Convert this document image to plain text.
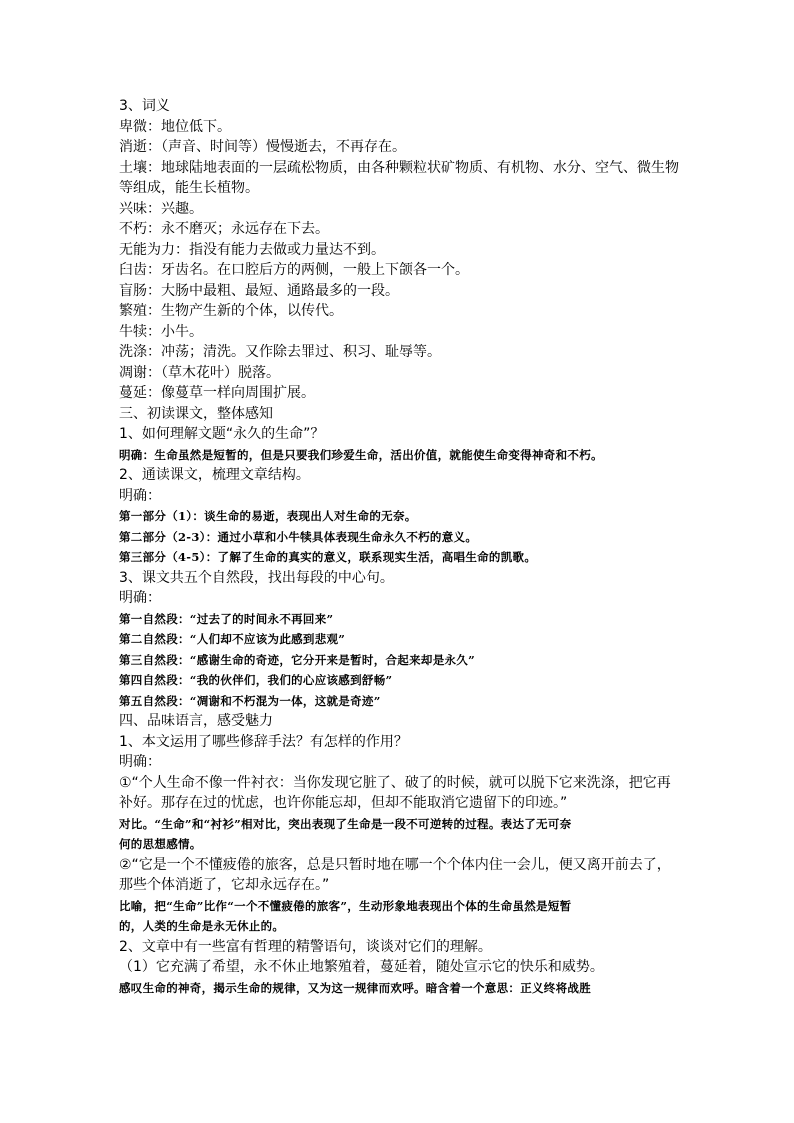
3、词义

卑微：地位低下。

消逝：（声音、时间等）慢慢逝去，不再存在。

土壤：地球陆地表面的一层疏松物质，由各种颗粒状矿物质、有机物、水分、空气、微生物

等组成，能生长植物。

兴味：兴趣。

不朽：永不磨灭；永远存在下去。

无能为力：指没有能力去做或力量达不到。

臼齿：牙齿名。在口腔后方的两侧，一般上下颌各一个。

盲肠：大肠中最粗、最短、通路最多的一段。

繁殖：生物产生新的个体，以传代。

牛犊：小牛。

洗涤：冲荡；清洗。又作除去罪过、积习、耻辱等。

凋谢：（草木花叶）脱落。

蔓延：像蔓草一样向周围扩展。

三、初读课文，整体感知

1、如何理解文题“永久的生命”？

明确：生命虽然是短暂的，但是只要我们珍爱生命，活出价值，就能使生命变得神奇和不朽。

2、通读课文，梳理文章结构。

明确：

第一部分（1）：谈生命的易逝，表现出人对生命的无奈。

第二部分（2-3）：通过小草和小牛犊具体表现生命永久不朽的意义。

第三部分（4-5）：了解了生命的真实的意义，联系现实生活，高唱生命的凯歌。

3、课文共五个自然段，找出每段的中心句。

明确：

第一自然段：“过去了的时间永不再回来”

第二自然段：“人们却不应该为此感到悲观”

第三自然段：“感谢生命的奇迹，它分开来是暂时，合起来却是永久”

第四自然段：“我的伙伴们，我们的心应该感到舒畅”

第五自然段：“凋谢和不朽混为一体，这就是奇迹”

四、品味语言，感受魅力

1、本文运用了哪些修辞手法？有怎样的作用？

明确：

①“个人生命不像一件衬衣：当你发现它脏了、破了的时候，就可以脱下它来洗涤，把它再

补好。那存在过的忧虑，也许你能忘却，但却不能取消它遗留下的印迹。”

对比。“生命”和“衬衫”相对比，突出表现了生命是一段不可逆转的过程。表达了无可奈

何的思想感情。

②“它是一个不懂疲倦的旅客，总是只暂时地在哪一个个体内住一会儿，便又离开前去了，

那些个体消逝了，它却永远存在。”

比喻，把“生命”比作“一个不懂疲倦的旅客”，生动形象地表现出个体的生命虽然是短暂

的，人类的生命是永无休止的。

2、文章中有一些富有哲理的精警语句，谈谈对它们的理解。

（1）它充满了希望，永不休止地繁殖着，蔓延着，随处宣示它的快乐和威势。

感叹生命的神奇，揭示生命的规律，又为这一规律而欢呼。暗含着一个意思：正义终将战胜
